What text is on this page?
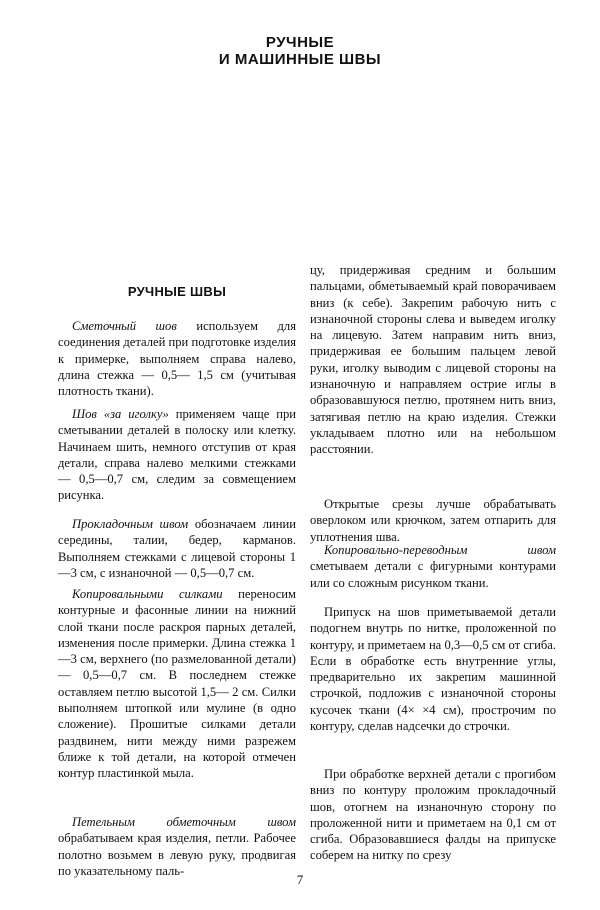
РУЧНЫЕ
И МАШИННЫЕ ШВЫ
РУЧНЫЕ ШВЫ

Сметочный шов используем для соединения деталей при подготовке изделия к примерке, выполняем справа налево, длина стежка — 0,5— 1,5 см (учитывая плотность ткани).

Шов «за иголку» применяем чаще при сметывании деталей в полоску или клетку. Начинаем шить, немного отступив от края детали, справа налево мелкими стежками — 0,5—0,7 см, следим за совмещением рисунка.

Прокладочным швом обозначаем линии середины, талии, бедер, карманов. Выполняем стежками с лицевой стороны 1—3 см, с изнаночной — 0,5—0,7 см.

Копировальными силками переносим контурные и фасонные линии на нижний слой ткани после раскроя парных деталей, изменения после примерки. Длина стежка 1—3 см, верхнего (по размелованной детали) — 0,5—0,7 см. В последнем стежке оставляем петлю высотой 1,5— 2 см. Силки выполняем штопкой или мулине (в одно сложение). Прошитые силками детали раздвинем, нити между ними разрежем ближе к той детали, на которой отмечен контур пластинкой мыла.

Петельным обметочным швом обрабатываем края изделия, петли. Рабочее полотно возьмем в левую руку, продвигая по указательному паль-

цу, придерживая средним и большим пальцами, обметываемый край поворачиваем вниз (к себе). Закрепим рабочую нить с изнаночной стороны слева и выведем иголку на лицевую. Затем направим нить вниз, придерживая ее большим пальцем левой руки, иголку выводим с лицевой стороны на изнаночную и направляем острие иглы в образовавшуюся петлю, протянем нить вниз, затягивая петлю на краю изделия. Стежки укладываем плотно или на небольшом расстоянии.

Открытые срезы лучше обрабатывать оверлоком или крючком, затем отпарить для уплотнения шва.

Копировально-переводным швом сметываем детали с фигурными контурами или со сложным рисунком ткани.

Припуск на шов приметываемой детали подогнем внутрь по нитке, проложенной по контуру, и приметаем на 0,3—0,5 см от сгиба. Если в обработке есть внутренние углы, предварительно их закрепим машинной строчкой, подложив с изнаночной стороны кусочек ткани (4× ×4 см), прострочим по контуру, сделав надсечки до строчки.

При обработке верхней детали с прогибом вниз по контуру проложим прокладочный шов, отогнем на изнаночную сторону по проложенной нити и приметаем на 0,1 см от сгиба. Образовавшиеся фалды на припуске соберем на нитку по срезу

7
